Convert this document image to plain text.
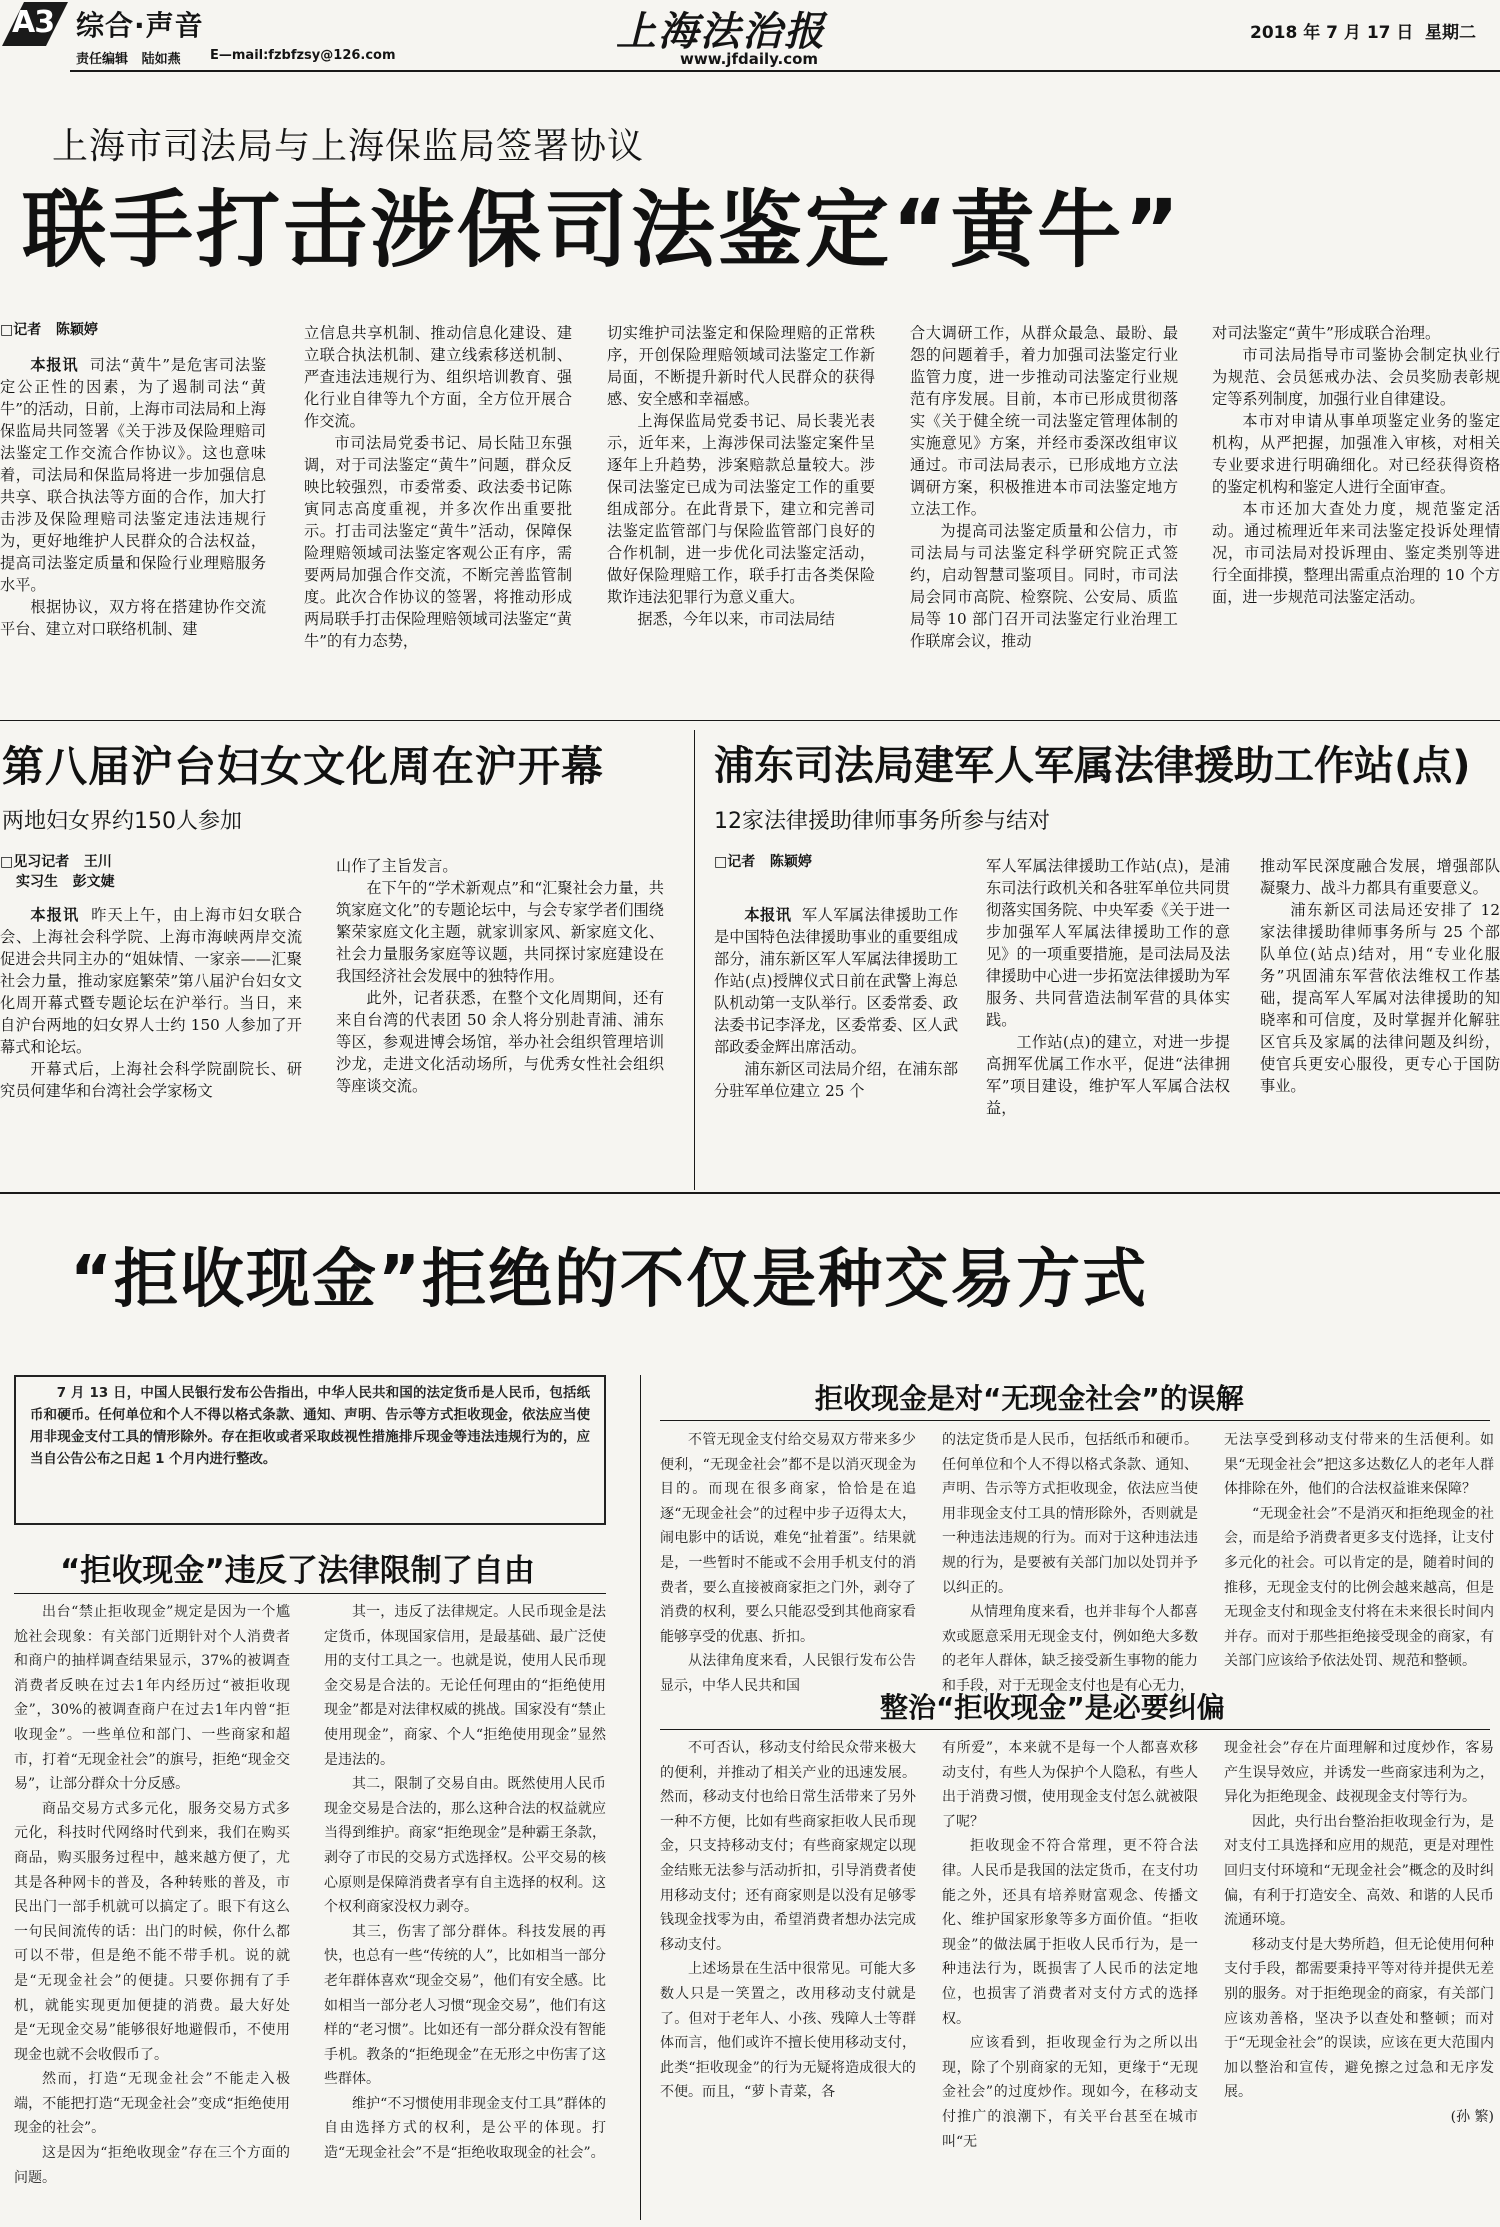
A3 综合·声音	上海法治报	2018 年 7 月 17 日 星期二
责任编辑   陆如燕 E—mail:fzbfzsy@126.com	www.jfdaily.com
上海市司法局与上海保监局签署协议
联手打击涉保司法鉴定“黄牛”
□记者   陈颖婷

本报讯 司法“黄牛”是危害司法鉴定公正性的因素，为了遏制司法“黄牛”的活动，日前，上海市司法局和上海保监局共同签署《关于涉及保险理赔司法鉴定工作交流合作协议》。这也意味着，司法局和保监局将进一步加强信息共享、联合执法等方面的合作，加大打击涉及保险理赔司法鉴定违法违规行为，更好地维护人民群众的合法权益，提高司法鉴定质量和保险行业理赔服务水平。

根据协议，双方将在搭建协作交流平台、建立对口联络机制、建

立信息共享机制、推动信息化建设、建立联合执法机制、建立线索移送机制、严查违法违规行为、组织培训教育、强化行业自律等九个方面，全方位开展合作交流。

市司法局党委书记、局长陆卫东强调，对于司法鉴定“黄牛”问题，群众反映比较强烈，市委常委、政法委书记陈寅同志高度重视，并多次作出重要批示。打击司法鉴定“黄牛”活动，保障保险理赔领域司法鉴定客观公正有序，需要两局加强合作交流，不断完善监管制度。此次合作协议的签署，将推动形成两局联手打击保险理赔领域司法鉴定“黄牛”的有力态势，

切实维护司法鉴定和保险理赔的正常秩序，开创保险理赔领域司法鉴定工作新局面，不断提升新时代人民群众的获得感、安全感和幸福感。

上海保监局党委书记、局长裴光表示，近年来，上海涉保司法鉴定案件呈逐年上升趋势，涉案赔款总量较大。涉保司法鉴定已成为司法鉴定工作的重要组成部分。在此背景下，建立和完善司法鉴定监管部门与保险监管部门良好的合作机制，进一步优化司法鉴定活动，做好保险理赔工作，联手打击各类保险欺诈违法犯罪行为意义重大。

据悉，今年以来，市司法局结

合大调研工作，从群众最急、最盼、最怨的问题着手，着力加强司法鉴定行业监管力度，进一步推动司法鉴定行业规范有序发展。目前，本市已形成贯彻落实《关于健全统一司法鉴定管理体制的实施意见》方案，并经市委深改组审议通过。市司法局表示，已形成地方立法调研方案，积极推进本市司法鉴定地方立法工作。

为提高司法鉴定质量和公信力，市司法局与司法鉴定科学研究院正式签约，启动智慧司鉴项目。同时，市司法局会同市高院、检察院、公安局、质监局等 10 部门召开司法鉴定行业治理工作联席会议，推动

对司法鉴定“黄牛”形成联合治理。

市司法局指导市司鉴协会制定执业行为规范、会员惩戒办法、会员奖励表彰规定等系列制度，加强行业自律建设。

本市对申请从事单项鉴定业务的鉴定机构，从严把握，加强准入审核，对相关专业要求进行明确细化。对已经获得资格的鉴定机构和鉴定人进行全面审查。

本市还加大查处力度，规范鉴定活动。通过梳理近年来司法鉴定投诉处理情况，市司法局对投诉理由、鉴定类别等进行全面排摸，整理出需重点治理的 10 个方面，进一步规范司法鉴定活动。

第八届沪台妇女文化周在沪开幕
两地妇女界约150人参加
□见习记者   王川
实习生   彭文婕

本报讯 昨天上午，由上海市妇女联合会、上海社会科学院、上海市海峡两岸交流促进会共同主办的“姐妹情、一家亲——汇聚社会力量，推动家庭繁荣”第八届沪台妇女文化周开幕式暨专题论坛在沪举行。当日，来自沪台两地的妇女界人士约 150 人参加了开幕式和论坛。

开幕式后，上海社会科学院副院长、研究员何建华和台湾社会学家杨文

山作了主旨发言。

在下午的“学术新观点”和“汇聚社会力量，共筑家庭文化”的专题论坛中，与会专家学者们围绕繁荣家庭文化主题，就家训家风、新家庭文化、社会力量服务家庭等议题，共同探讨家庭建设在我国经济社会发展中的独特作用。

此外，记者获悉，在整个文化周期间，还有来自台湾的代表团 50 余人将分别赴青浦、浦东等区，参观进博会场馆，举办社会组织管理培训沙龙，走进文化活动场所，与优秀女性社会组织等座谈交流。

浦东司法局建军人军属法律援助工作站(点)
12家法律援助律师事务所参与结对
□记者   陈颖婷

本报讯 军人军属法律援助工作是中国特色法律援助事业的重要组成部分，浦东新区军人军属法律援助工作站(点)授牌仪式日前在武警上海总队机动第一支队举行。区委常委、政法委书记李泽龙，区委常委、区人武部政委金辉出席活动。

浦东新区司法局介绍，在浦东部分驻军单位建立 25 个

军人军属法律援助工作站(点)，是浦东司法行政机关和各驻军单位共同贯彻落实国务院、中央军委《关于进一步加强军人军属法律援助工作的意见》的一项重要措施，是司法局及法律援助中心进一步拓宽法律援助为军服务、共同营造法制军营的具体实践。

工作站(点)的建立，对进一步提高拥军优属工作水平，促进“法律拥军”项目建设，维护军人军属合法权益，

推动军民深度融合发展，增强部队凝聚力、战斗力都具有重要意义。

浦东新区司法局还安排了 12 家法律援助律师事务所与 25 个部队单位(站点)结对，用“专业化服务”巩固浦东军营依法维权工作基础，提高军人军属对法律援助的知晓率和可信度，及时掌握并化解驻区官兵及家属的法律问题及纠纷，使官兵更安心服役，更专心于国防事业。

“拒收现金”拒绝的不仅是种交易方式
7 月 13 日，中国人民银行发布公告指出，中华人民共和国的法定货币是人民币，包括纸币和硬币。任何单位和个人不得以格式条款、通知、声明、告示等方式拒收现金，依法应当使用非现金支付工具的情形除外。存在拒收或者采取歧视性措施排斥现金等违法违规行为的，应当自公告公布之日起 1 个月内进行整改。
“拒收现金”违反了法律限制了自由

出台“禁止拒收现金”规定是因为一个尴尬社会现象：有关部门近期针对个人消费者和商户的抽样调查结果显示，37%的被调查消费者反映在过去1年内经历过“被拒收现金”，30%的被调查商户在过去1年内曾“拒收现金”。一些单位和部门、一些商家和超市，打着“无现金社会”的旗号，拒绝“现金交易”，让部分群众十分反感。

商品交易方式多元化，服务交易方式多元化，科技时代网络时代到来，我们在购买商品，购买服务过程中，越来越方便了，尤其是各种网卡的普及，各种转账的普及，市民出门一部手机就可以搞定了。眼下有这么一句民间流传的话：出门的时候，你什么都可以不带，但是绝不能不带手机。说的就是“无现金社会”的便捷。只要你拥有了手机，就能实现更加便捷的消费。最大好处是“无现金交易”能够很好地避假币，不使用现金也就不会收假币了。

然而，打造“无现金社会”不能走入极端，不能把打造“无现金社会”变成“拒绝使用现金的社会”。

这是因为“拒绝收现金”存在三个方面的问题。

其一，违反了法律规定。人民币现金是法定货币，体现国家信用，是最基础、最广泛使用的支付工具之一。也就是说，使用人民币现金交易是合法的。无论任何理由的“拒绝使用现金”都是对法律权威的挑战。国家没有“禁止使用现金”，商家、个人“拒绝使用现金”显然是违法的。

其二，限制了交易自由。既然使用人民币现金交易是合法的，那么这种合法的权益就应当得到维护。商家“拒绝现金”是种霸王条款，剥夺了市民的交易方式选择权。公平交易的核心原则是保障消费者享有自主选择的权利。这个权利商家没权力剥夺。

其三，伤害了部分群体。科技发展的再快，也总有一些“传统的人”，比如相当一部分老年群体喜欢“现金交易”，他们有安全感。比如相当一部分老人习惯“现金交易”，他们有这样的“老习惯”。比如还有一部分群众没有智能手机。教条的“拒绝现金”在无形之中伤害了这些群体。

维护“不习惯使用非现金支付工具”群体的自由选择方式的权利，是公平的体现。打造“无现金社会”不是“拒绝收取现金的社会”。

拒收现金是对“无现金社会”的误解

不管无现金支付给交易双方带来多少便利，“无现金社会”都不是以消灭现金为目的。而现在很多商家，恰恰是在追逐“无现金社会”的过程中步子迈得太大，闹电影中的话说，难免“扯着蛋”。结果就是，一些暂时不能或不会用手机支付的消费者，要么直接被商家拒之门外，剥夺了消费的权利，要么只能忍受到其他商家看能够享受的优惠、折扣。

从法律角度来看，人民银行发布公告显示，中华人民共和国

的法定货币是人民币，包括纸币和硬币。任何单位和个人不得以格式条款、通知、声明、告示等方式拒收现金，依法应当使用非现金支付工具的情形除外，否则就是一种违法违规的行为。而对于这种违法违规的行为，是要被有关部门加以处罚并予以纠正的。

从情理角度来看，也并非每个人都喜欢或愿意采用无现金支付，例如绝大多数的老年人群体，缺乏接受新生事物的能力和手段，对于无现金支付也是有心无力，

无法享受到移动支付带来的生活便利。如果“无现金社会”把这多达数亿人的老年人群体排除在外，他们的合法权益谁来保障？

“无现金社会”不是消灭和拒绝现金的社会，而是给予消费者更多支付选择，让支付多元化的社会。可以肯定的是，随着时间的推移，无现金支付的比例会越来越高，但是无现金支付和现金支付将在未来很长时间内并存。而对于那些拒绝接受现金的商家，有关部门应该给予依法处罚、规范和整顿。

整治“拒收现金”是必要纠偏

不可否认，移动支付给民众带来极大的便利，并推动了相关产业的迅速发展。然而，移动支付也给日常生活带来了另外一种不方便，比如有些商家拒收人民币现金，只支持移动支付；有些商家规定以现金结账无法参与活动折扣，引导消费者使用移动支付；还有商家则是以没有足够零钱现金找零为由，希望消费者想办法完成移动支付。

上述场景在生活中很常见。可能大多数人只是一笑置之，改用移动支付就是了。但对于老年人、小孩、残障人士等群体而言，他们或许不擅长使用移动支付，此类“拒收现金”的行为无疑将造成很大的不便。而且，“萝卜青菜，各

有所爱”，本来就不是每一个人都喜欢移动支付，有些人为保护个人隐私，有些人出于消费习惯，使用现金支付怎么就被限了呢？

拒收现金不符合常理，更不符合法律。人民币是我国的法定货币，在支付功能之外，还具有培养财富观念、传播文化、维护国家形象等多方面价值。“拒收现金”的做法属于拒收人民币行为，是一种违法行为，既损害了人民币的法定地位，也损害了消费者对支付方式的选择权。

应该看到，拒收现金行为之所以出现，除了个别商家的无知，更缘于“无现金社会”的过度炒作。现如今，在移动支付推广的浪潮下，有关平台甚至在城市叫“无

现金社会”存在片面理解和过度炒作，客易产生误导效应，并诱发一些商家违利为之，异化为拒绝现金、歧视现金支付等行为。

因此，央行出台整治拒收现金行为，是对支付工具选择和应用的规范，更是对理性回归支付环境和“无现金社会”概念的及时纠偏，有利于打造安全、高效、和谐的人民币流通环境。

移动支付是大势所趋，但无论使用何种支付手段，都需要秉持平等对待并提供无差别的服务。对于拒绝现金的商家，有关部门应该劝善格，坚决予以查处和整顿；而对于“无现金社会”的误读，应该在更大范围内加以整治和宣传，避免擦之过急和无序发展。

(孙 繁)
